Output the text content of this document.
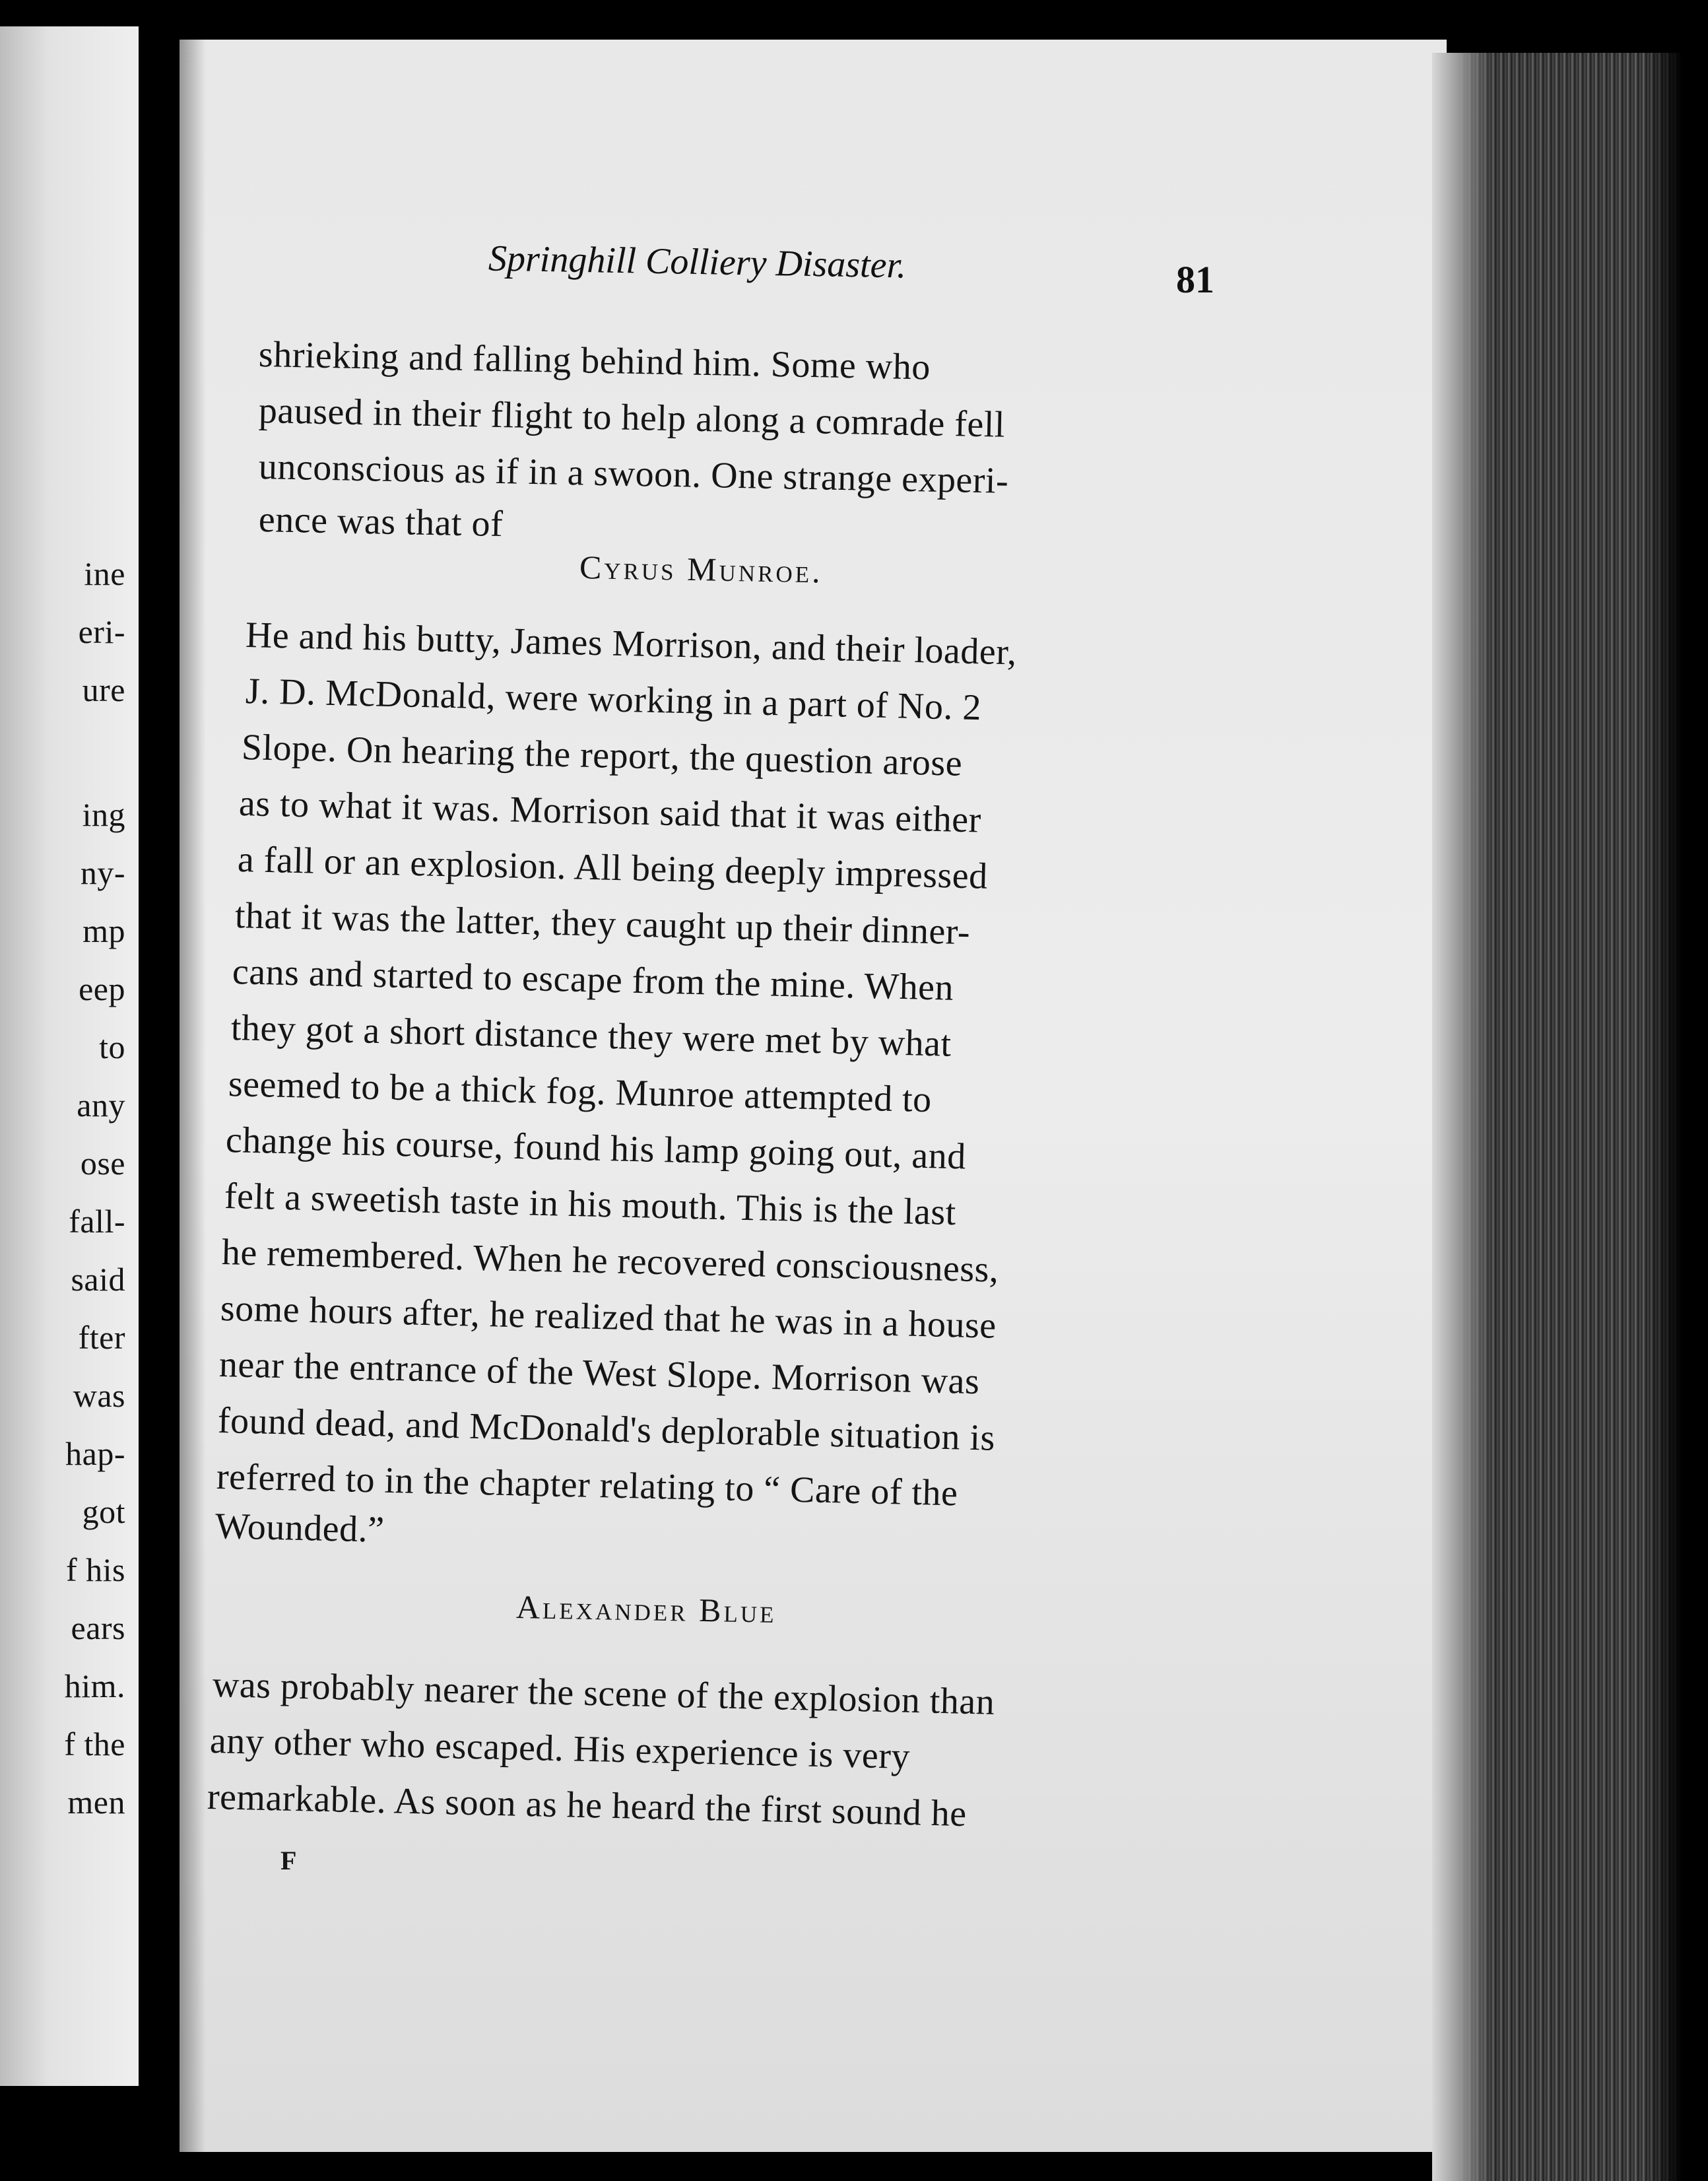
ine
eri-
ure
ing
ny-
mp
eep
to
any
ose
fall-
said
fter
was
hap-
got
f his
ears
him.
f the
men
Springhill Colliery Disaster.	81
shrieking and falling behind him. Some who
paused in their flight to help along a comrade fell
unconscious as if in a swoon. One strange experi-
ence was that of
Cyrus Munroe.
He and his butty, James Morrison, and their loader,
J. D. McDonald, were working in a part of No. 2
Slope. On hearing the report, the question arose
as to what it was. Morrison said that it was either
a fall or an explosion. All being deeply impressed
that it was the latter, they caught up their dinner-
cans and started to escape from the mine. When
they got a short distance they were met by what
seemed to be a thick fog. Munroe attempted to
change his course, found his lamp going out, and
felt a sweetish taste in his mouth. This is the last
he remembered. When he recovered consciousness,
some hours after, he realized that he was in a house
near the entrance of the West Slope. Morrison was
found dead, and McDonald's deplorable situation is
referred to in the chapter relating to “ Care of the
Wounded.”
Alexander Blue
was probably nearer the scene of the explosion than
any other who escaped. His experience is very
remarkable. As soon as he heard the first sound he
F
